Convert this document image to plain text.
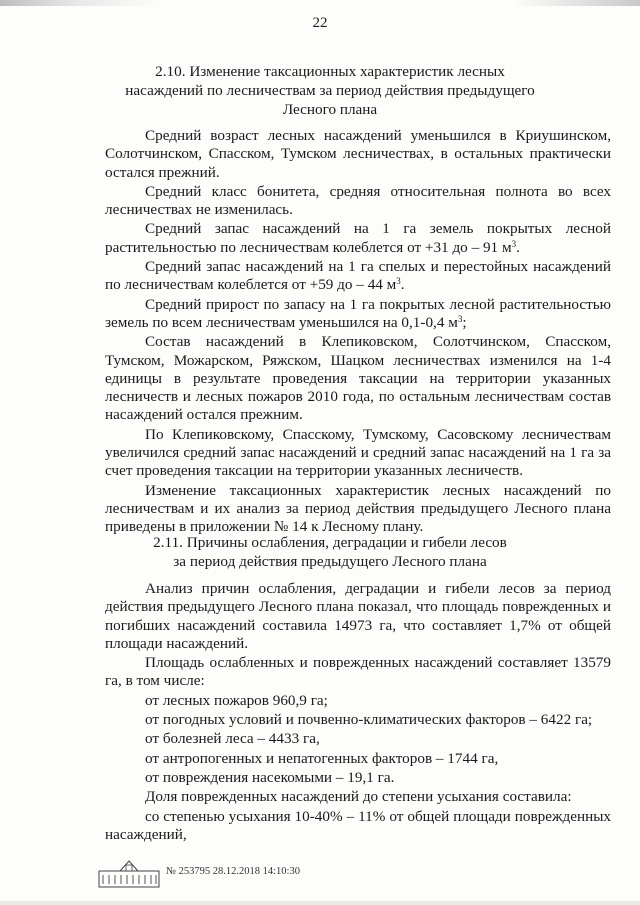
22
2.10. Изменение таксационных характеристик лесных
насаждений по лесничествам за период действия предыдущего
Лесного плана

Средний возраст лесных насаждений уменьшился в Криушинском, Солотчинском, Спасском, Тумском лесничествах, в остальных практически остался прежний.

Средний класс бонитета, средняя относительная полнота во всех лесничествах не изменилась.

Средний запас насаждений на 1 га земель покрытых лесной растительностью по лесничествам колеблется от +31 до – 91 $м^3$.

Средний запас насаждений на 1 га спелых и перестойных насаждений по лесничествам колеблется от +59 до – 44 $м^3$.

Средний прирост по запасу на 1 га покрытых лесной растительностью земель по всем лесничествам уменьшился на 0,1-0,4 $м^3$;

Состав насаждений в Клепиковском, Солотчинском, Спасском, Тумском, Можарском, Ряжском, Шацком лесничествах изменился на 1-4 единицы в результате проведения таксации на территории указанных лесничеств и лесных пожаров 2010 года, по остальным лесничествам состав насаждений остался прежним.

По Клепиковскому, Спасскому, Тумскому, Сасовскому лесничествам увеличился средний запас насаждений и средний запас насаждений на 1 га за счет проведения таксации на территории указанных лесничеств.

Изменение таксационных характеристик лесных насаждений по лесничествам и их анализ за период действия предыдущего Лесного плана приведены в приложении № 14 к Лесному плану.

2.11. Причины ослабления, деградации и гибели лесов
за период действия предыдущего Лесного плана

Анализ причин ослабления, деградации и гибели лесов за период действия предыдущего Лесного плана показал, что площадь поврежденных и погибших насаждений составила 14973 га, что составляет 1,7% от общей площади насаждений.

Площадь ослабленных и поврежденных насаждений составляет 13579 га, в том числе:

от лесных пожаров 960,9 га;

от погодных условий и почвенно-климатических факторов – 6422 га;

от болезней леса – 4433 га,

от антропогенных и непатогенных факторов – 1744 га,

от повреждения насекомыми – 19,1 га.

Доля поврежденных насаждений до степени усыхания составила:

со степенью усыхания 10-40% – 11% от общей площади поврежденных насаждений,

№ 253795 28.12.2018 14:10:30
